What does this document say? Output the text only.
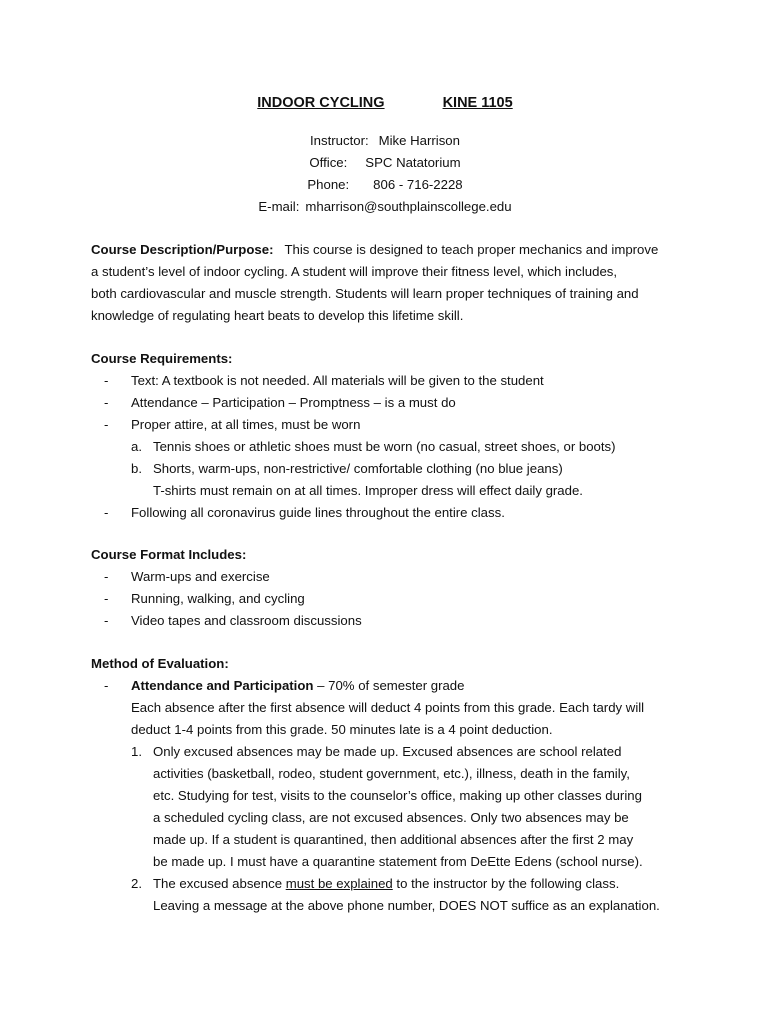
INDOOR CYCLING	KINE 1105
Instructor: Mike Harrison
Office: SPC Natatorium
Phone: 806 - 716-2228
E-mail: mharrison@southplainscollege.edu
Course Description/Purpose: This course is designed to teach proper mechanics and improve
a student’s level of indoor cycling. A student will improve their fitness level, which includes,
both cardiovascular and muscle strength. Students will learn proper techniques of training and
knowledge of regulating heart beats to develop this lifetime skill.
Course Requirements:
- Text: A textbook is not needed. All materials will be given to the student
- Attendance – Participation – Promptness – is a must do
- Proper attire, at all times, must be worn
a. Tennis shoes or athletic shoes must be worn (no casual, street shoes, or boots)
b. Shorts, warm-ups, non-restrictive/ comfortable clothing (no blue jeans)
T-shirts must remain on at all times. Improper dress will effect daily grade.
- Following all coronavirus guide lines throughout the entire class.
Course Format Includes:
- Warm-ups and exercise
- Running, walking, and cycling
- Video tapes and classroom discussions
Method of Evaluation:
- Attendance and Participation – 70% of semester grade
Each absence after the first absence will deduct 4 points from this grade. Each tardy will
deduct 1-4 points from this grade. 50 minutes late is a 4 point deduction.
1. Only excused absences may be made up. Excused absences are school related
activities (basketball, rodeo, student government, etc.), illness, death in the family,
etc. Studying for test, visits to the counselor’s office, making up other classes during
a scheduled cycling class, are not excused absences. Only two absences may be
made up. If a student is quarantined, then additional absences after the first 2 may
be made up. I must have a quarantine statement from DeEtte Edens (school nurse).
2. The excused absence must be explained to the instructor by the following class.
Leaving a message at the above phone number, DOES NOT suffice as an explanation.
